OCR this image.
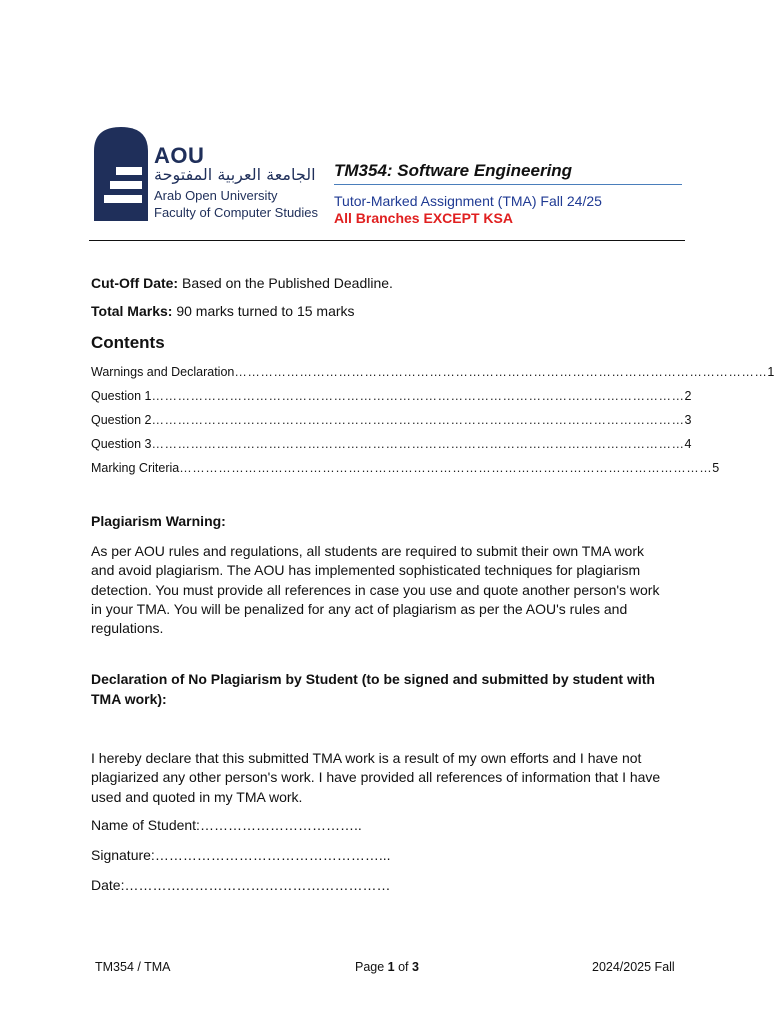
AOU
الجامعة العربية المفتوحة
Arab Open University
Faculty of Computer Studies
TM354: Software Engineering
Tutor-Marked Assignment (TMA) Fall 24/25
All Branches EXCEPT KSA
Cut-Off Date: Based on the Published Deadline.
Total Marks: 90 marks turned to 15 marks
Contents
Warnings and Declaration …………………………………………………………………………………………………………… 1
Question 1 …………………………………………………………………………………………………………… 2
Question 2 …………………………………………………………………………………………………………… 3
Question 3 …………………………………………………………………………………………………………… 4
Marking Criteria …………………………………………………………………………………………………………… 5
Plagiarism Warning:
As per AOU rules and regulations, all students are required to submit their own TMA work and avoid plagiarism. The AOU has implemented sophisticated techniques for plagiarism detection. You must provide all references in case you use and quote another person's work in your TMA. You will be penalized for any act of plagiarism as per the AOU's rules and regulations.
Declaration of No Plagiarism by Student (to be signed and submitted by student with TMA work):
I hereby declare that this submitted TMA work is a result of my own efforts and I have not plagiarized any other person's work. I have provided all references of information that I have used and quoted in my TMA work.
Name of Student:……………………………..
Signature:…………………………………………...
Date:…………………………………………………
TM354 / TMA	Page 1 of 3	2024/2025 Fall
